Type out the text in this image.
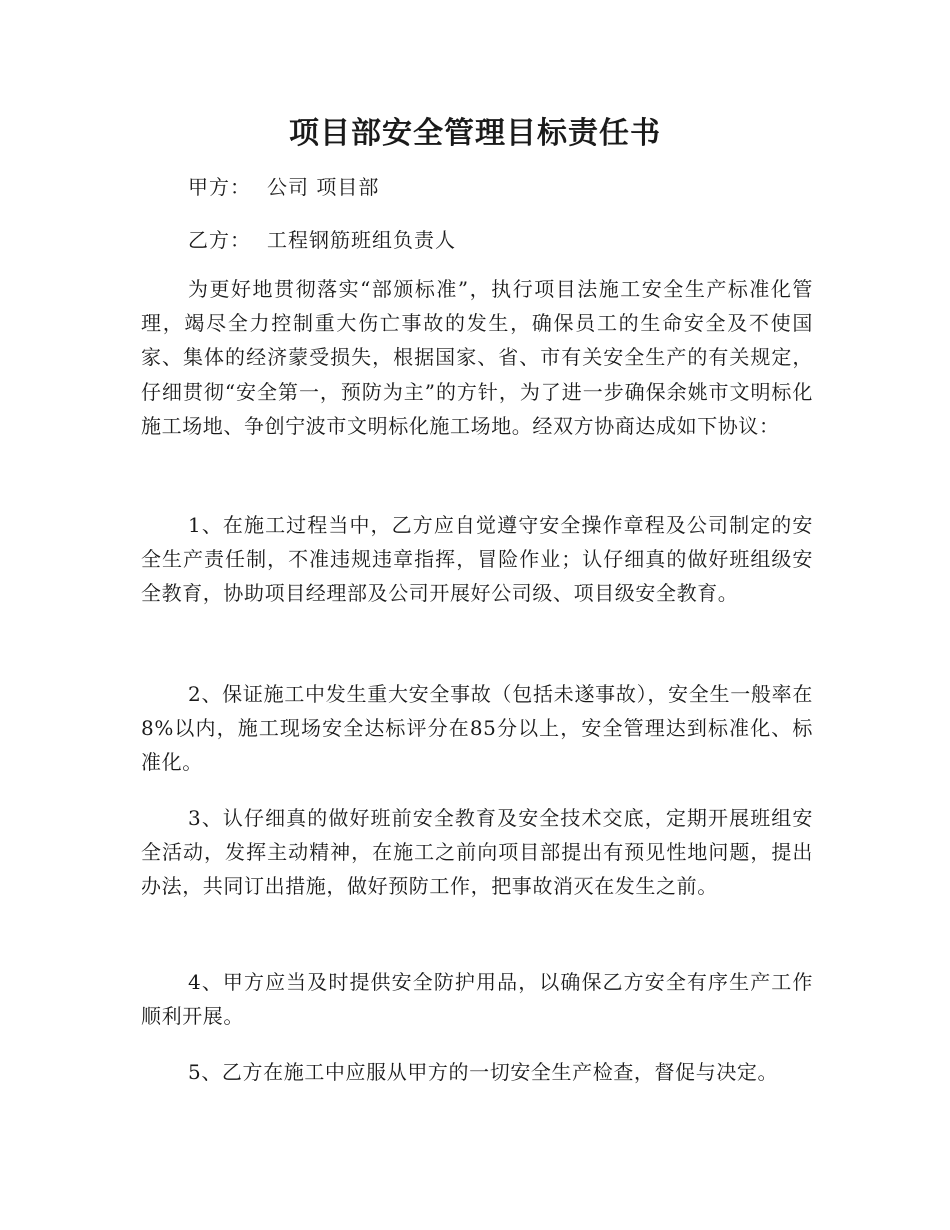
项目部安全管理目标责任书
甲方： 公司 项目部
乙方： 工程钢筋班组负责人

为更好地贯彻落实“部颁标准”，执行项目法施工安全生产标准化管理，竭尽全力控制重大伤亡事故的发生，确保员工的生命安全及不使国家、集体的经济蒙受损失，根据国家、省、市有关安全生产的有关规定，仔细贯彻“安全第一，预防为主”的方针，为了进一步确保余姚市文明标化施工场地、争创宁波市文明标化施工场地。经双方协商达成如下协议：

1、在施工过程当中，乙方应自觉遵守安全操作章程及公司制定的安全生产责任制，不准违规违章指挥，冒险作业；认仔细真的做好班组级安全教育，协助项目经理部及公司开展好公司级、项目级安全教育。

2、保证施工中发生重大安全事故（包括未遂事故），安全生一般率在8%以内，施工现场安全达标评分在85分以上，安全管理达到标准化、标准化。

3、认仔细真的做好班前安全教育及安全技术交底，定期开展班组安全活动，发挥主动精神，在施工之前向项目部提出有预见性地问题，提出办法，共同订出措施，做好预防工作，把事故消灭在发生之前。

4、甲方应当及时提供安全防护用品，以确保乙方安全有序生产工作顺利开展。

5、乙方在施工中应服从甲方的一切安全生产检查，督促与决定。
